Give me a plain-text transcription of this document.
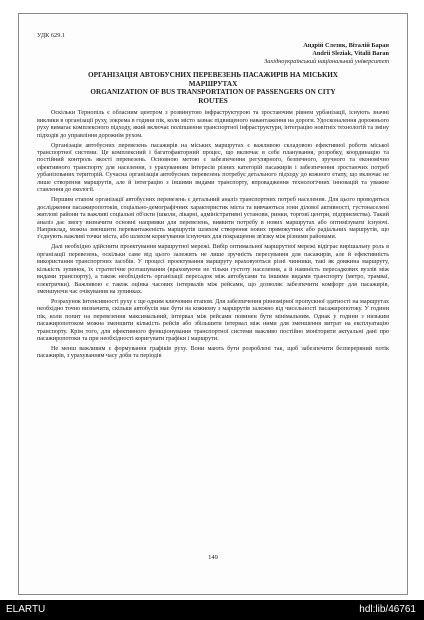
УДК 629.1
Андрій Слезяк, Віталій Баран
Andrii Sleziak, Vitalii Baran
Західноукраїнський національний університет
ОРГАНІЗАЦІЯ АВТОБУСНИХ ПЕРЕВЕЗЕНЬ ПАСАЖИРІВ НА МІСЬКИХ
МАРШРУТАХ
ORGANIZATION OF BUS TRANSPORTATION OF PASSENGERS ON CITY
ROUTES

Оскільки Тернопіль є обласним центром з розвинутою інфраструктурою та зростаючим рівнем урбанізації, існують значні виклики в організації руху, зокрема в години пік, коли місто зазнає підвищеного навантаження на дороги. Удосконалення дорожнього руху вимагає комплексного підходу, який включає поліпшення транспортної інфраструктури, інтеграцію новітніх технологій та зміну підходів до управління дорожнім рухом.

Організація автобусних перевезень пасажирів на міських маршрутах є важливою складовою ефективної роботи міської транспортної системи. Це комплексний і багатофакторний процес, що включає в себе планування, розробку, координацію та постійний контроль якості перевезень. Основною метою є забезпечення регулярного, безпечного, зручного та економічно ефективного транспорту для населення, з урахуванням інтересів різних категорій пасажирів і забезпечення зростаючих потреб урбанізованих територій. Сучасна організація автобусних перевезень потребує детального підходу до кожного етапу, що включає не лише створення маршрутів, але й інтеграцію з іншими видами транспорту, впровадження технологічних інновацій та уважне ставлення до екології.

Першим етапом організації автобусних перевезень є детальний аналіз транспортних потреб населення. Для цього проводяться дослідження пасажиропотоків, соціально-демографічних характеристик міста та вивчаються зони ділової активності, густонаселені житлові райони та важливі соціальні об'єкти (школи, лікарні, адміністративні установи, ринки, торгові центри, підприємства). Такий аналіз дає змогу визначити основні напрямки для перевезень, виявити потребу в нових маршрутах або оптимізувати існуючі. Наприклад, можна зменшити перевантаженість маршрутів шляхом створення нових прямокутних або радіальних маршрутів, що з'єднують важливі точки міста, або шляхом коригування існуючих для покращення зв'язку між різними районами.

Далі необхідно здійснити проектування маршрутної мережі. Вибір оптимальної маршрутної мережі відіграє вирішальну роль в організації перевезень, оскільки саме від цього залежить не лише зручність пересування для пасажирів, але й ефективність використання транспортних засобів. У процесі проектування маршруту враховуються різні чинники, такі як довжина маршруту, кількість зупинок, їх стратегічне розташування (враховуючи не тільки густоту населення, а й наявність пересадкових вузлів між видами транспорту), а також необхідність організації пересадок між автобусами та іншими видами транспорту (метро, трамваї, електрички). Важливою є також оцінка часових інтервалів між рейсами, що дозволяє забезпечити комфорт для пасажирів, зменшуючи час очікування на зупинках.

Розрахунок інтенсивності руху є ще одним ключовим етапом. Для забезпечення рівномірної пропускної здатності на маршрутах необхідно точно визначити, скільки автобусів має бути на кожному з маршрутів залежно від чисельності пасажиропотоку. У години пік, коли попит на перевезення максимальний, інтервал між рейсами повинен бути мінімальним. Однак у години з низьким пасажиропотоком можна зменшити кількість рейсів або збільшити інтервал між ними для зменшення витрат на експлуатацію транспорту. Крім того, для ефективного функціонування транспортної системи важливо постійно моніторити актуальні дані про пасажиропотоки та при необхідності коригувати графіки і маршрути.

Не менш важливим є формування графіків руху. Вони мають бути розроблені так, щоб забезпечити безперервний потік пасажирів, з урахуванням часу доби та періодів

149
ELARTU	hdl:lib/46761
